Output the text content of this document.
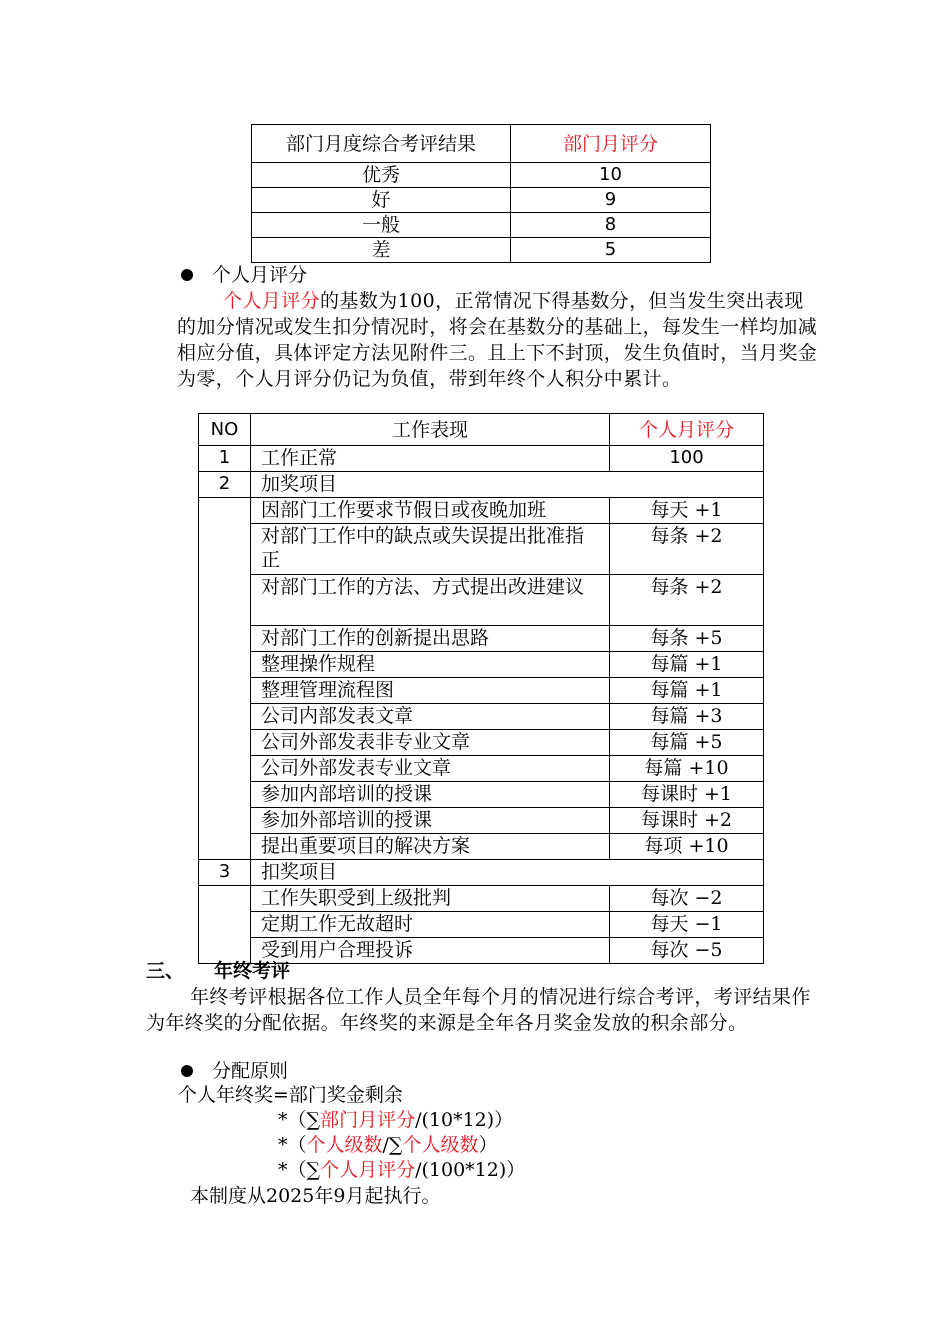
部门月度综合考评结果	部门月评分
优秀	10
好	9
一般	8
差	5
个人月评分
个人月评分的基数为100，正常情况下得基数分，但当发生突出表现的加分情况或发生扣分情况时，将会在基数分的基础上，每发生一样均加减相应分值，具体评定方法见附件三。且上下不封顶，发生负值时，当月奖金为零，个人月评分仍记为负值，带到年终个人积分中累计。
NO	工作表现	个人月评分
1	工作正常	100
2	加奖项目	
	因部门工作要求节假日或夜晚加班	每天 +1
	对部门工作中的缺点或失误提出批准指正	每条 +2
	对部门工作的方法、方式提出改进建议	每条 +2
	对部门工作的创新提出思路	每条 +5
	整理操作规程	每篇 +1
	整理管理流程图	每篇 +1
	公司内部发表文章	每篇 +3
	公司外部发表非专业文章	每篇 +5
	公司外部发表专业文章	每篇 +10
	参加内部培训的授课	每课时 +1
	参加外部培训的授课	每课时 +2
	提出重要项目的解决方案	每项 +10
3	扣奖项目	
	工作失职受到上级批判	每次 −2
	定期工作无故超时	每天 −1
	受到用户合理投诉	每次 −5
三、 年终考评
年终考评根据各位工作人员全年每个月的情况进行综合考评，考评结果作为年终奖的分配依据。年终奖的来源是全年各月奖金发放的积余部分。
分配原则
个人年终奖=部门奖金剩余
*（∑部门月评分/(10*12)）
*（个人级数/∑个人级数）
*（∑个人月评分/(100*12)）
本制度从2025年9月起执行。
